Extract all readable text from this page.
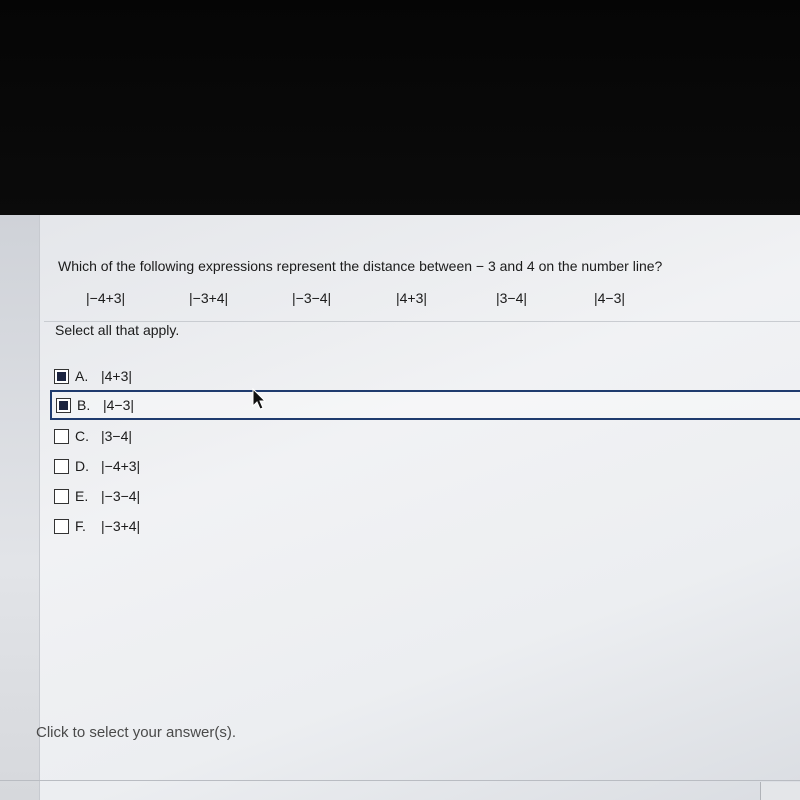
Which of the following expressions represent the distance between − 3 and 4 on the number line?
|−4+3|	|−3+4|	|−3−4|	|4+3|	|3−4|	|4−3|
Select all that apply.
A. |4+3|
B. |4−3|
C. |3−4|
D. |−4+3|
E. |−3−4|
F.	|−3+4|
Click to select your answer(s).
